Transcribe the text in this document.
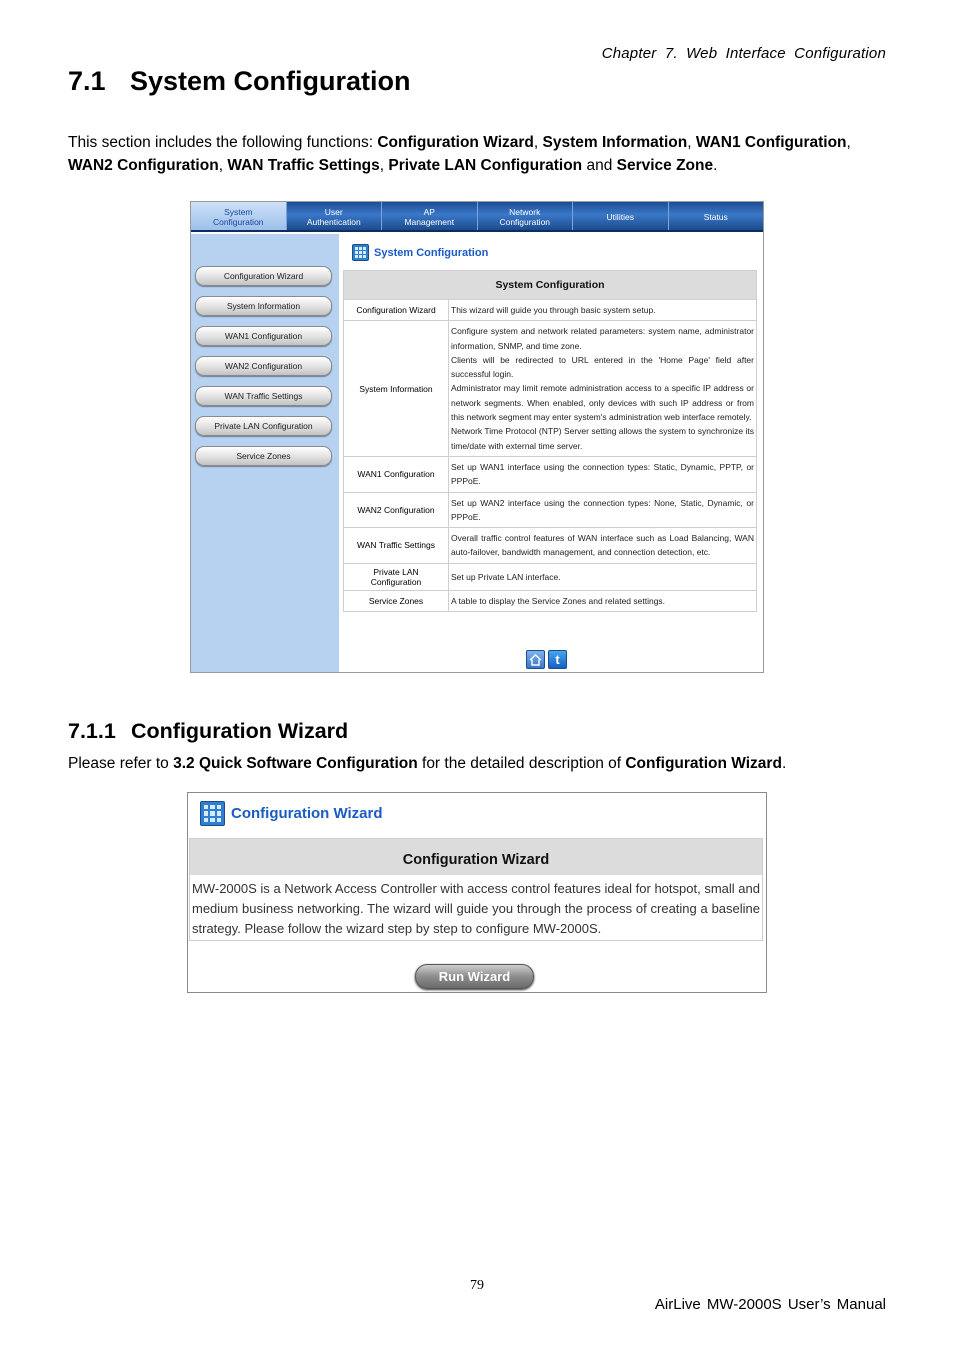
Chapter 7. Web Interface Configuration
7.1 System Configuration

This section includes the following functions: Configuration Wizard, System Information, WAN1 Configuration, WAN2 Configuration, WAN Traffic Settings, Private LAN Configuration and Service Zone.

System
Configuration
User
Authentication
AP
Management
Network
Configuration	Utilities	Status
Configuration Wizard
System Information
WAN1 Configuration
WAN2 Configuration
WAN Traffic Settings
Private LAN Configuration
Service Zones
System Configuration
System Configuration	
Configuration Wizard	This wizard will guide you through basic system setup.
System Information	Configure system and network related parameters: system name, administrator information, SNMP, and time zone.
Clients will be redirected to URL entered in the 'Home Page' field after successful login.
Administrator may limit remote administration access to a specific IP address or network segments. When enabled, only devices with such IP address or from this network segment may enter system's administration web interface remotely.
Network Time Protocol (NTP) Server setting allows the system to synchronize its time/date with external time server.
WAN1 Configuration	Set up WAN1 interface using the connection types: Static, Dynamic, PPTP, or PPPoE.
WAN2 Configuration	Set up WAN2 interface using the connection types: None, Static, Dynamic, or PPPoE.
WAN Traffic Settings	Overall traffic control features of WAN interface such as Load Balancing, WAN auto-failover, bandwidth management, and connection detection, etc.
Private LAN
Configuration	Set up Private LAN interface.
Service Zones	A table to display the Service Zones and related settings.
t
7.1.1 Configuration Wizard

Please refer to 3.2 Quick Software Configuration for the detailed description of Configuration Wizard.

Configuration Wizard
Configuration Wizard
MW-2000S is a Network Access Controller with access control features ideal for hotspot, small and medium business networking. The wizard will guide you through the process of creating a baseline strategy. Please follow the wizard step by step to configure MW-2000S.
Run Wizard
79
AirLive MW-2000S User’s Manual
